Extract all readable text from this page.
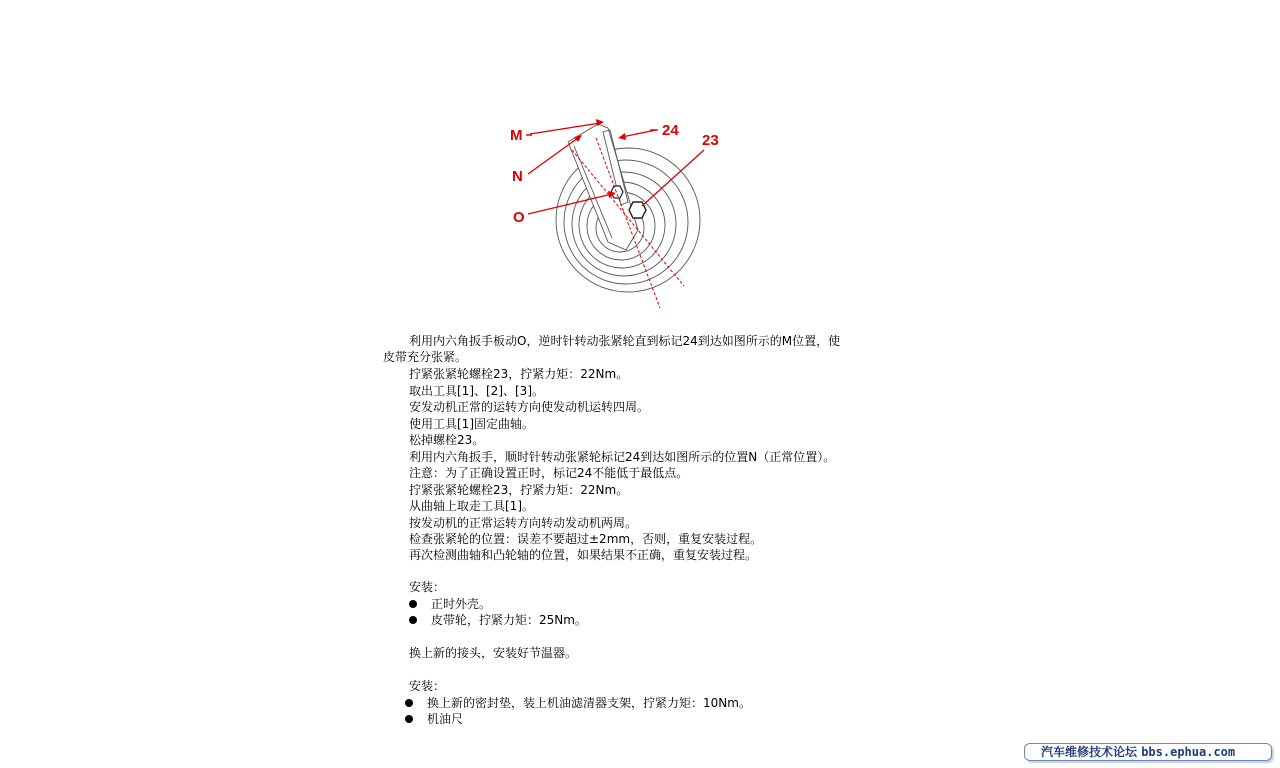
M
N
O
24
23
利用内六角扳手板动O，逆时针转动张紧轮直到标记24到达如图所示的M位置，使
皮带充分张紧。
拧紧张紧轮螺栓23，拧紧力矩：22Nm。
取出工具[1]、[2]、[3]。
安发动机正常的运转方向使发动机运转四周。
使用工具[1]固定曲轴。
松掉螺栓23。
利用内六角扳手，顺时针转动张紧轮标记24到达如图所示的位置N（正常位置）。
注意：为了正确设置正时，标记24不能低于最低点。
拧紧张紧轮螺栓23，拧紧力矩：22Nm。
从曲轴上取走工具[1]。
按发动机的正常运转方向转动发动机两周。
检查张紧轮的位置：误差不要超过±2mm，否则，重复安装过程。
再次检测曲轴和凸轮轴的位置，如果结果不正确，重复安装过程。
安装：
正时外壳。
皮带轮，拧紧力矩：25Nm。
换上新的接头，安装好节温器。
安装：
换上新的密封垫，装上机油滤清器支架，拧紧力矩：10Nm。
机油尺
汽车维修技术论坛 bbs.ephua.com
